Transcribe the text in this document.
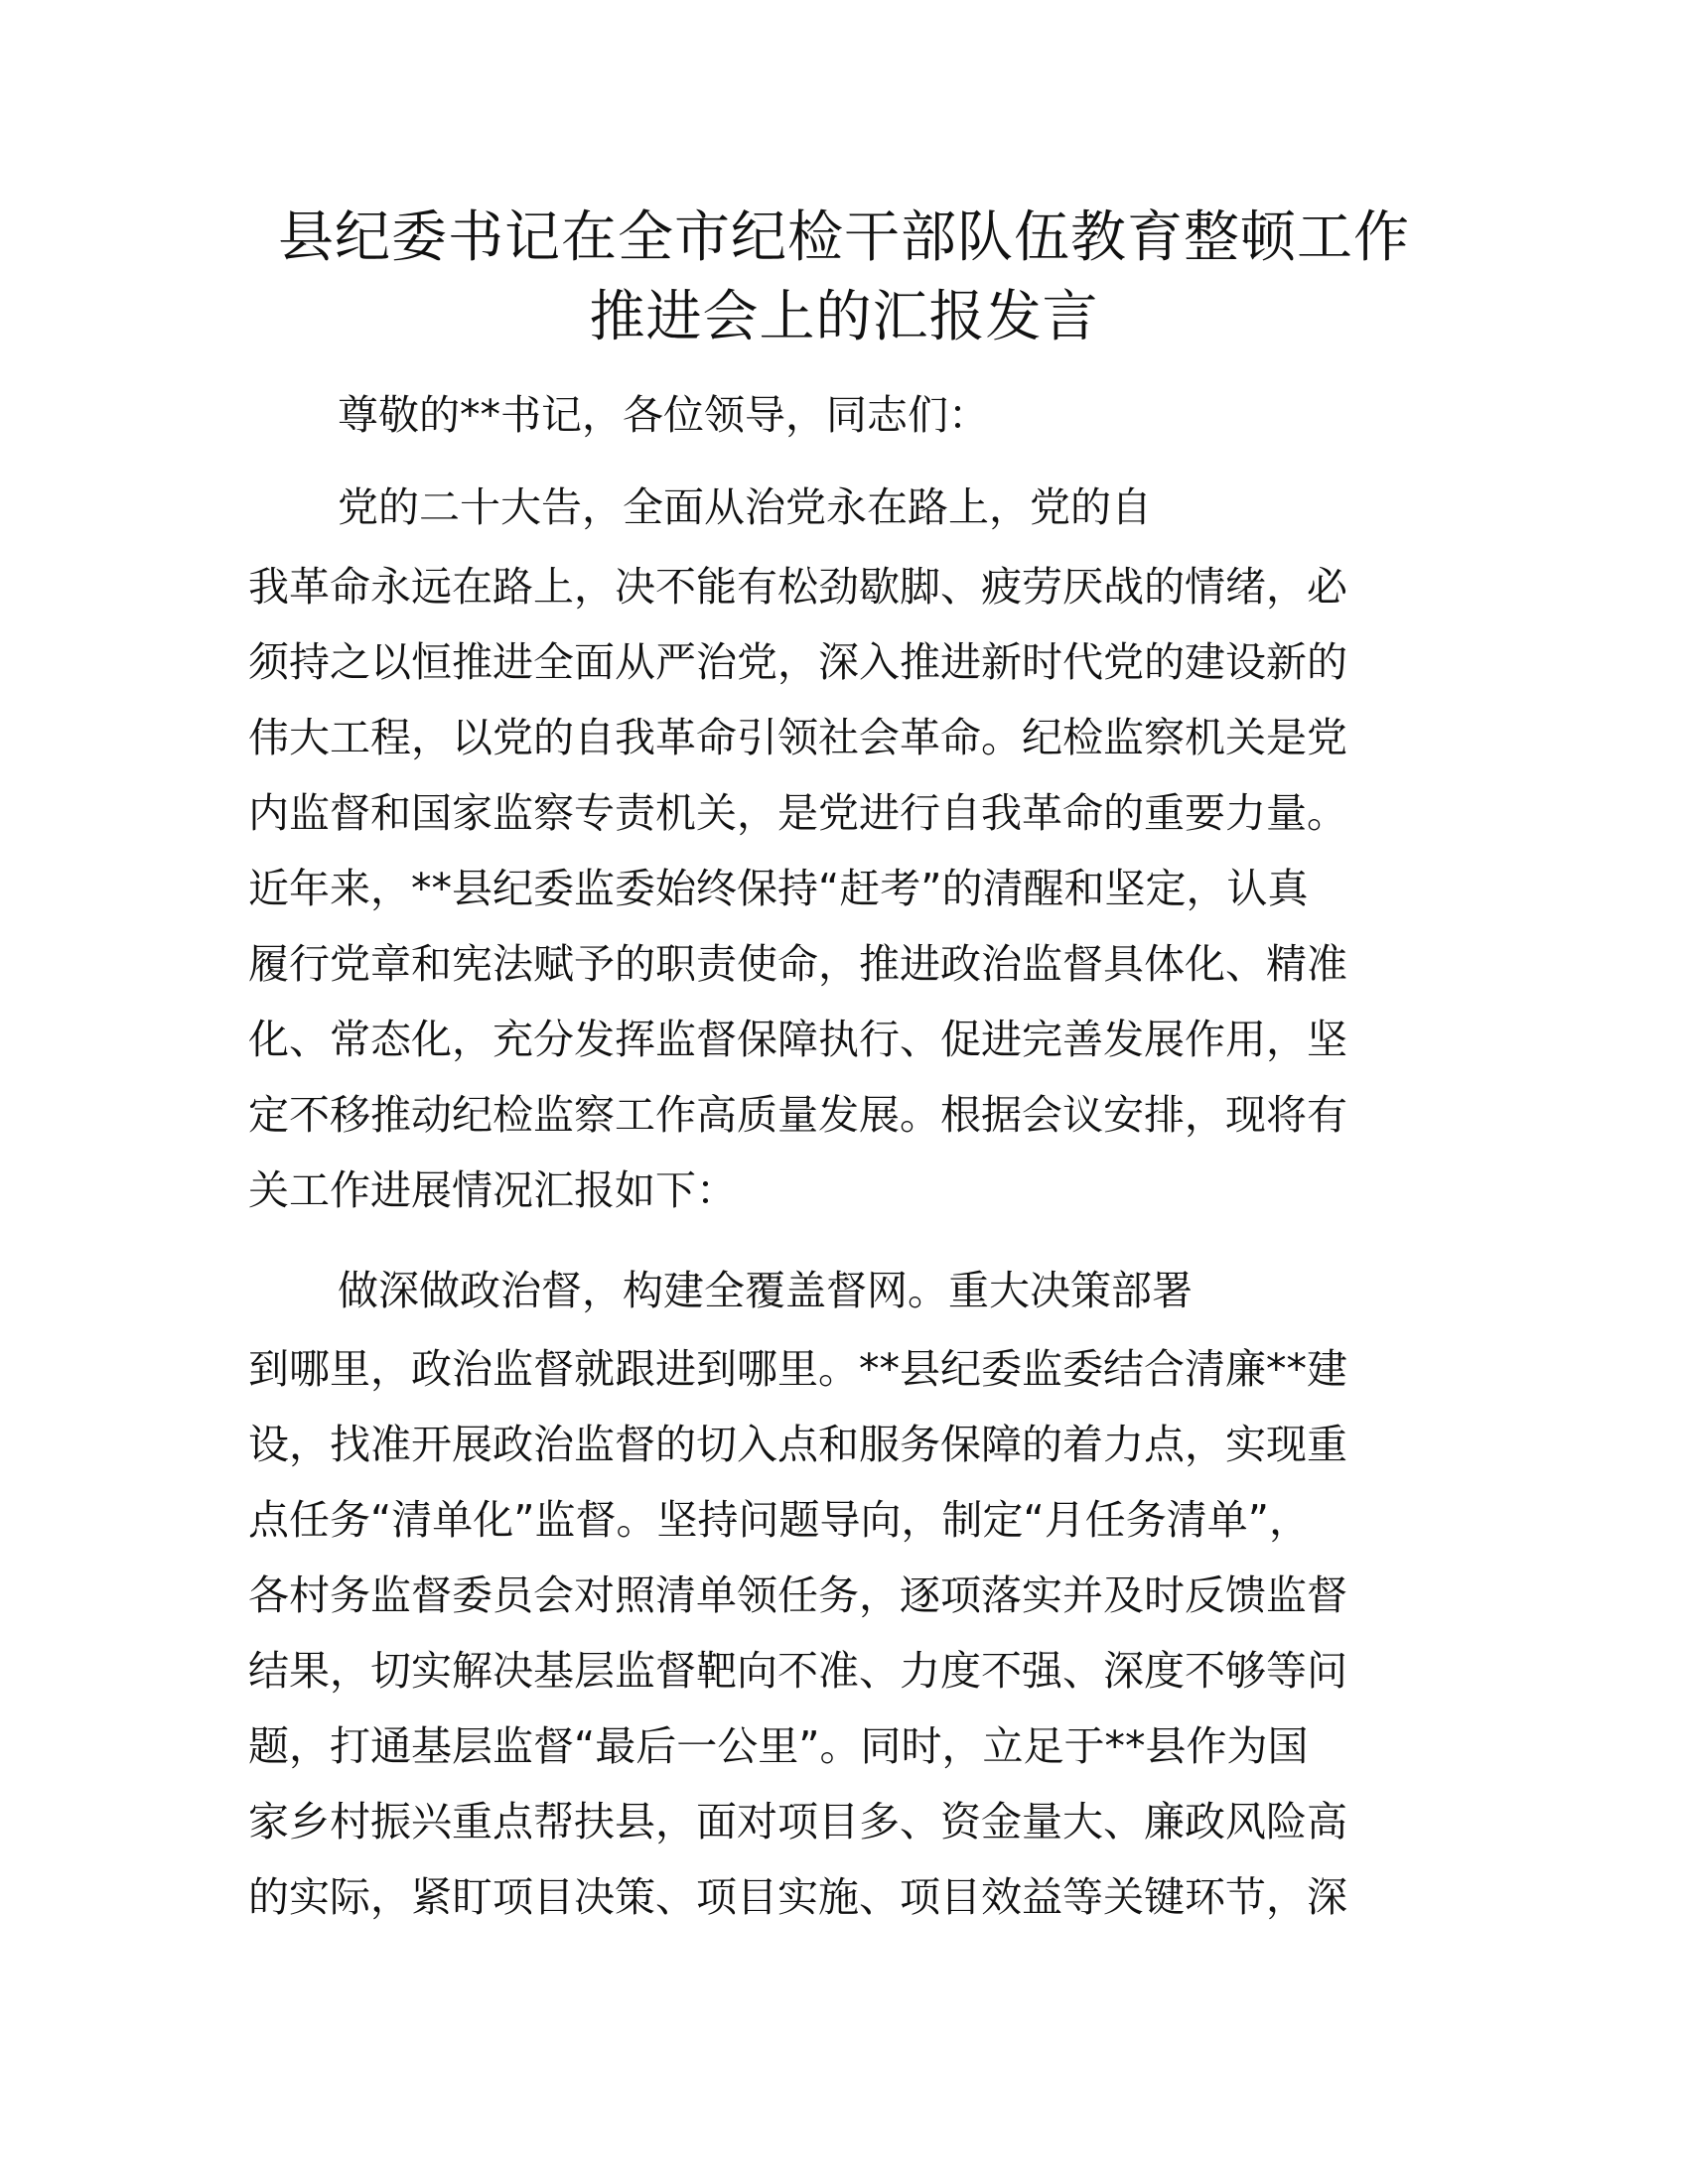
县纪委书记在全市纪检干部队伍教育整顿工作
推进会上的汇报发言
尊敬的**书记，各位领导，同志们：
党的二十大告，全面从治党永在路上，党的自
我革命永远在路上，决不能有松劲歇脚、疲劳厌战的情绪，必
须持之以恒推进全面从严治党，深入推进新时代党的建设新的
伟大工程，以党的自我革命引领社会革命。纪检监察机关是党
内监督和国家监察专责机关，是党进行自我革命的重要力量。
近年来，**县纪委监委始终保持“赶考”的清醒和坚定，认真
履行党章和宪法赋予的职责使命，推进政治监督具体化、精准
化、常态化，充分发挥监督保障执行、促进完善发展作用，坚
定不移推动纪检监察工作高质量发展。根据会议安排，现将有
关工作进展情况汇报如下：
做深做政治督，构建全覆盖督网。重大决策部署
到哪里，政治监督就跟进到哪里。**县纪委监委结合清廉**建
设，找准开展政治监督的切入点和服务保障的着力点，实现重
点任务“清单化”监督。坚持问题导向，制定“月任务清单”，
各村务监督委员会对照清单领任务，逐项落实并及时反馈监督
结果，切实解决基层监督靶向不准、力度不强、深度不够等问
题，打通基层监督“最后一公里”。同时，立足于**县作为国
家乡村振兴重点帮扶县，面对项目多、资金量大、廉政风险高
的实际，紧盯项目决策、项目实施、项目效益等关键环节，深
